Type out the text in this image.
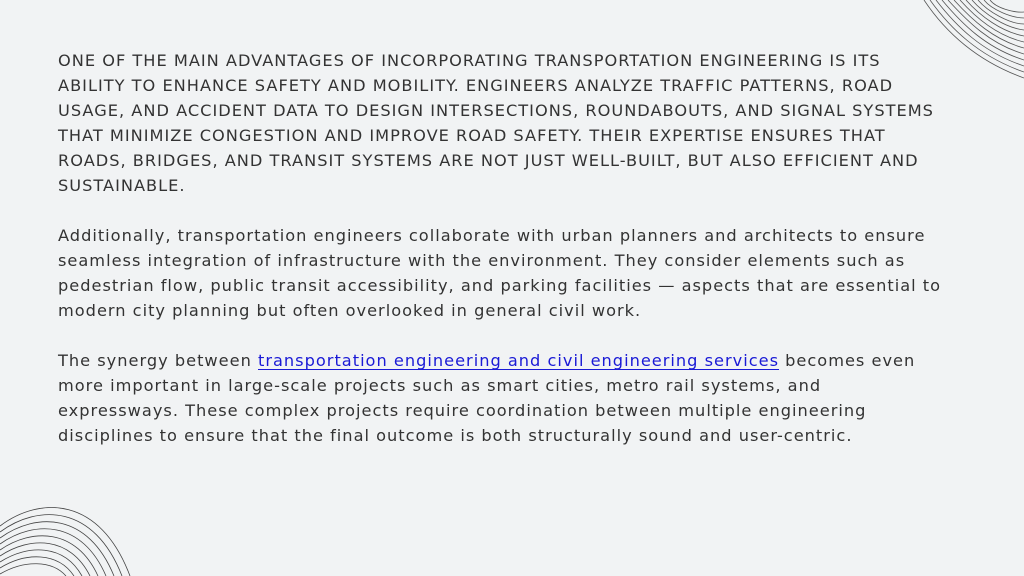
ONE OF THE MAIN ADVANTAGES OF INCORPORATING TRANSPORTATION ENGINEERING IS ITS ABILITY TO ENHANCE SAFETY AND MOBILITY. ENGINEERS ANALYZE TRAFFIC PATTERNS, ROAD USAGE, AND ACCIDENT DATA TO DESIGN INTERSECTIONS, ROUNDABOUTS, AND SIGNAL SYSTEMS THAT MINIMIZE CONGESTION AND IMPROVE ROAD SAFETY. THEIR EXPERTISE ENSURES THAT ROADS, BRIDGES, AND TRANSIT SYSTEMS ARE NOT JUST WELL-BUILT, BUT ALSO EFFICIENT AND SUSTAINABLE.

Additionally, transportation engineers collaborate with urban planners and architects to ensure seamless integration of infrastructure with the environment. They consider elements such as pedestrian flow, public transit accessibility, and parking facilities — aspects that are essential to modern city planning but often overlooked in general civil work.

The synergy between transportation engineering and civil engineering services becomes even more important in large-scale projects such as smart cities, metro rail systems, and expressways. These complex projects require coordination between multiple engineering disciplines to ensure that the final outcome is both structurally sound and user-centric.
